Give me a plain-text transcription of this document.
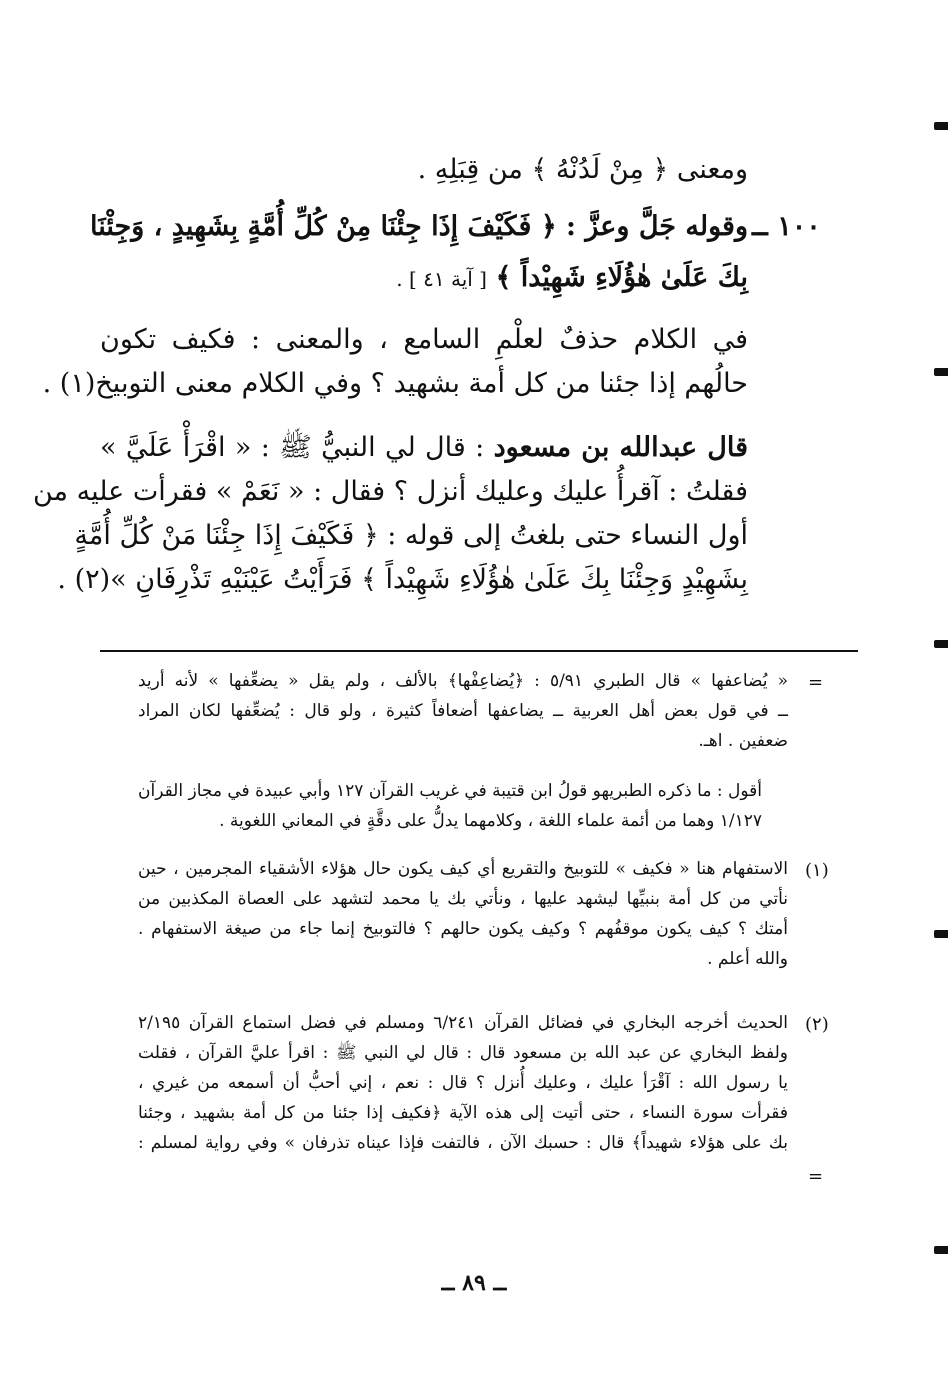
ومعنى ﴿ مِنْ لَدُنْهُ ﴾ من قِبَلِهِ .
١٠٠ ــ
وقوله جَلَّ وعزَّ : ﴿ فَكَيْفَ إِذَا جِئْنَا مِنْ كُلِّ أُمَّةٍ بِشَهِيدٍ ، وَجِئْنَا
بِكَ عَلَىٰ هٰؤُلَاءِ شَهِيْداً ﴾ [ آية ٤١ ] .
في الكلام حذفٌ لعلْمِ السامع ، والمعنى : فكيف تكون
حالُهم إذا جئنا من كل أمة بشهيد ؟ وفي الكلام معنى التوبيخ(١) .
قال عبدالله بن مسعود : قال لي النبيُّ ﷺ : « اقْرَأْ عَلَيَّ »
فقلتُ : آقرأُ عليك وعليك أنزل ؟ فقال : « نَعَمْ » فقرأت عليه من
أول النساء حتى بلغتُ إلى قوله : ﴿ فَكَيْفَ إِذَا جِئْنَا مَنْ كُلِّ أُمَّةٍ
بِشَهِيْدٍ وَجِئْنَا بِكَ عَلَىٰ هٰؤُلَاءِ شَهِيْداً ﴾ فَرَأَيْتُ عَيْنَيْهِ تَذْرِفَانِ »(٢) .
=
« يُضاعفها » قال الطبري ٥/٩١ : ﴿يُضاعِفْها﴾ بالألف ، ولم يقل « يضعِّفها » لأنه أريد
ــ في قول بعض أهل العربية ــ يضاعفها أضعافاً كثيرة ، ولو قال : يُضعِّفها لكان المراد
ضعفين . اهـ.
أقول : ما ذكره الطبريهو قولُ ابن قتيبة في غريب القرآن ١٢٧ وأبي عبيدة في مجاز القرآن
١/١٢٧ وهما من أئمة علماء اللغة ، وكلامهما يدلُّ على دقَّةٍ في المعاني اللغوية .
(١)
الاستفهام هنا « فكيف » للتوبيخ والتقريع أي كيف يكون حال هؤلاء الأشقياء المجرمين ، حين
نأتي من كل أمة بنبيِّها ليشهد عليها ، ونأتي بك يا محمد لتشهد على العصاة المكذبين من
أمتك ؟ كيف يكون موقفُهم ؟ وكيف يكون حالهم ؟ فالتوبيخ إنما جاء من صيغة الاستفهام .
والله أعلم .
(٢)
الحديث أخرجه البخاري في فضائل القرآن ٦/٢٤١ ومسلم في فضل استماع القرآن ٢/١٩٥
ولفظ البخاري عن عبد الله بن مسعود قال : قال لي النبي ﷺ : اقرأ عليَّ القرآن ، فقلت
يا رسول الله : آقْرَأ عليك ، وعليك أُنزل ؟ قال : نعم ، إني أحبُّ أن أسمعه من غيري ،
فقرأت سورة النساء ، حتى أتيت إلى هذه الآية ﴿فكيف إذا جئنا من كل أمة بشهيد ، وجئنا
بك على هؤلاء شهيداً﴾ قال : حسبك الآن ، فالتفت فإذا عيناه تذرفان » وفي رواية لمسلم :
=
ــ ٨٩ ــ
